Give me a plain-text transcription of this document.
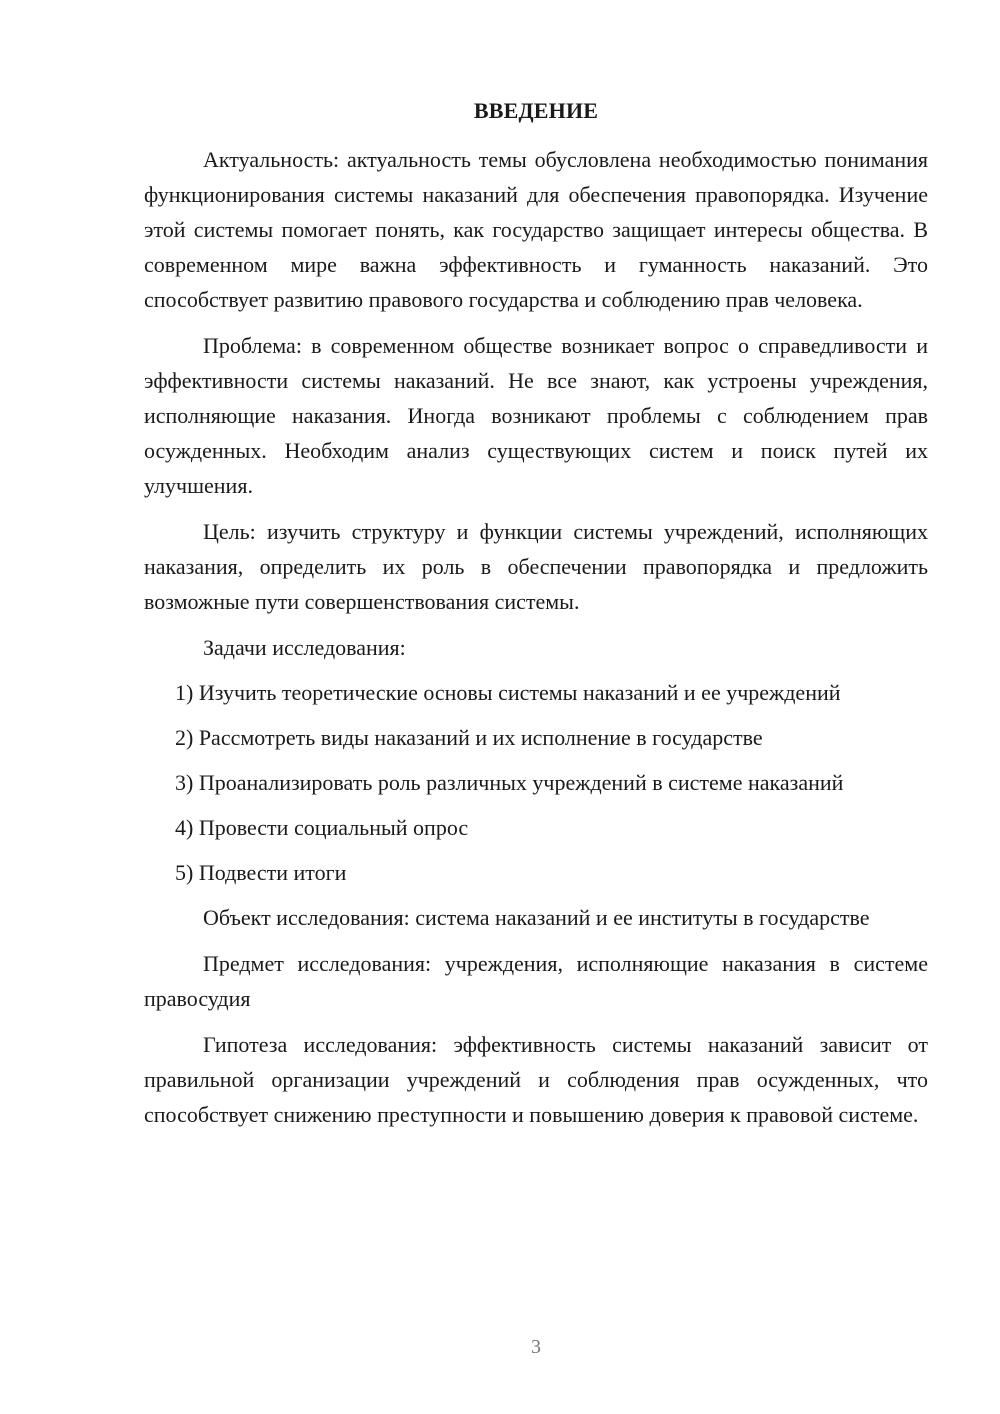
ВВЕДЕНИЕ

Актуальность: актуальность темы обусловлена необходимостью понимания функционирования системы наказаний для обеспечения правопорядка. Изучение этой системы помогает понять, как государство защищает интересы общества. В современном мире важна эффективность и гуманность наказаний. Это способствует развитию правового государства и соблюдению прав человека.

Проблема: в современном обществе возникает вопрос о справедливости и эффективности системы наказаний. Не все знают, как устроены учреждения, исполняющие наказания. Иногда возникают проблемы с соблюдением прав осужденных. Необходим анализ существующих систем и поиск путей их улучшения.

Цель: изучить структуру и функции системы учреждений, исполняющих наказания, определить их роль в обеспечении правопорядка и предложить возможные пути совершенствования системы.

Задачи исследования:

1) Изучить теоретические основы системы наказаний и ее учреждений

2) Рассмотреть виды наказаний и их исполнение в государстве

3) Проанализировать роль различных учреждений в системе наказаний

4) Провести социальный опрос

5) Подвести итоги

Объект исследования: система наказаний и ее институты в государстве

Предмет исследования: учреждения, исполняющие наказания в системе правосудия

Гипотеза исследования: эффективность системы наказаний зависит от правильной организации учреждений и соблюдения прав осужденных, что способствует снижению преступности и повышению доверия к правовой системе.

3
